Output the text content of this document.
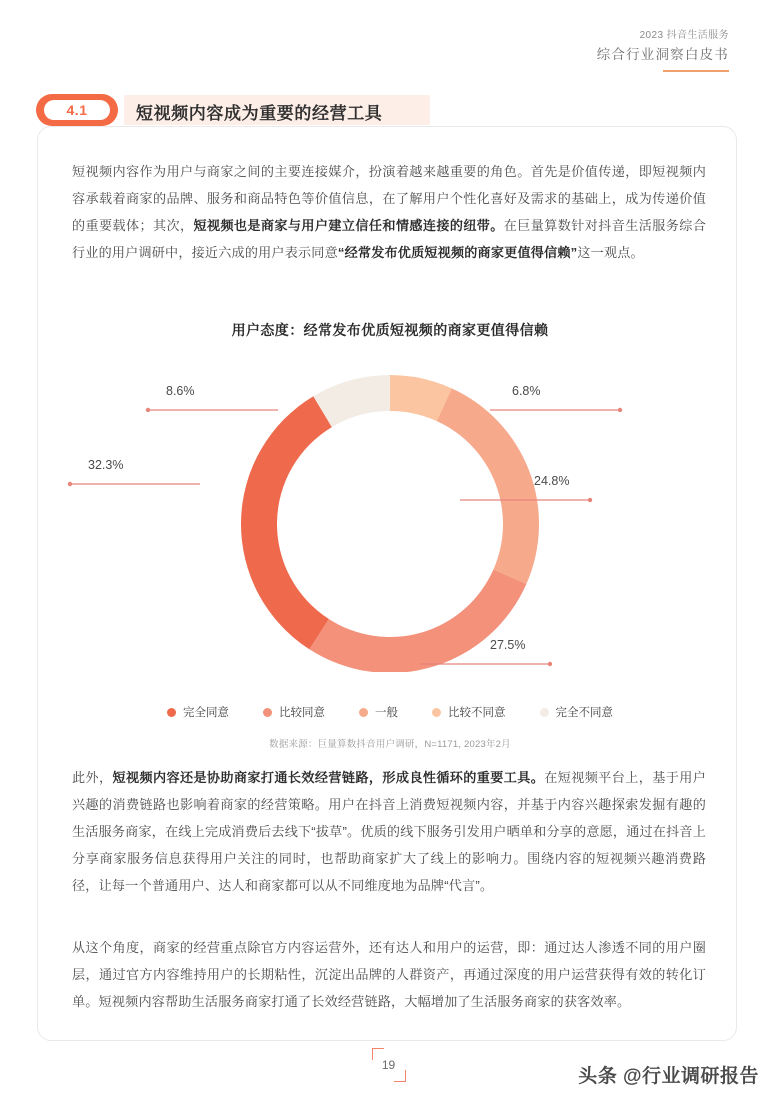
2023 抖音生活服务
综合行业洞察白皮书
4.1	短视频内容成为重要的经营工具
短视频内容作为用户与商家之间的主要连接媒介，扮演着越来越重要的角色。首先是价值传递，即短视频内容承载着商家的品牌、服务和商品特色等价值信息，在了解用户个性化喜好及需求的基础上，成为传递价值的重要载体；其次，短视频也是商家与用户建立信任和情感连接的纽带。在巨量算数针对抖音生活服务综合行业的用户调研中，接近六成的用户表示同意“经常发布优质短视频的商家更值得信赖”这一观点。
用户态度：经常发布优质短视频的商家更值得信赖
8.6%	6.8%
24.8%
27.5%
32.3%
完全同意	比较同意	一般	比较不同意	完全不同意
数据来源：巨量算数抖音用户调研，N=1171, 2023年2月
此外，短视频内容还是协助商家打通长效经营链路，形成良性循环的重要工具。在短视频平台上，基于用户兴趣的消费链路也影响着商家的经营策略。用户在抖音上消费短视频内容，并基于内容兴趣探索发掘有趣的生活服务商家，在线上完成消费后去线下“拔草”。优质的线下服务引发用户晒单和分享的意愿，通过在抖音上分享商家服务信息获得用户关注的同时，也帮助商家扩大了线上的影响力。围绕内容的短视频兴趣消费路径，让每一个普通用户、达人和商家都可以从不同维度地为品牌“代言”。
从这个角度，商家的经营重点除官方内容运营外，还有达人和用户的运营，即：通过达人渗透不同的用户圈层，通过官方内容维持用户的长期粘性，沉淀出品牌的人群资产，再通过深度的用户运营获得有效的转化订单。短视频内容帮助生活服务商家打通了长效经营链路，大幅增加了生活服务商家的获客效率。
19
头条 @行业调研报告
